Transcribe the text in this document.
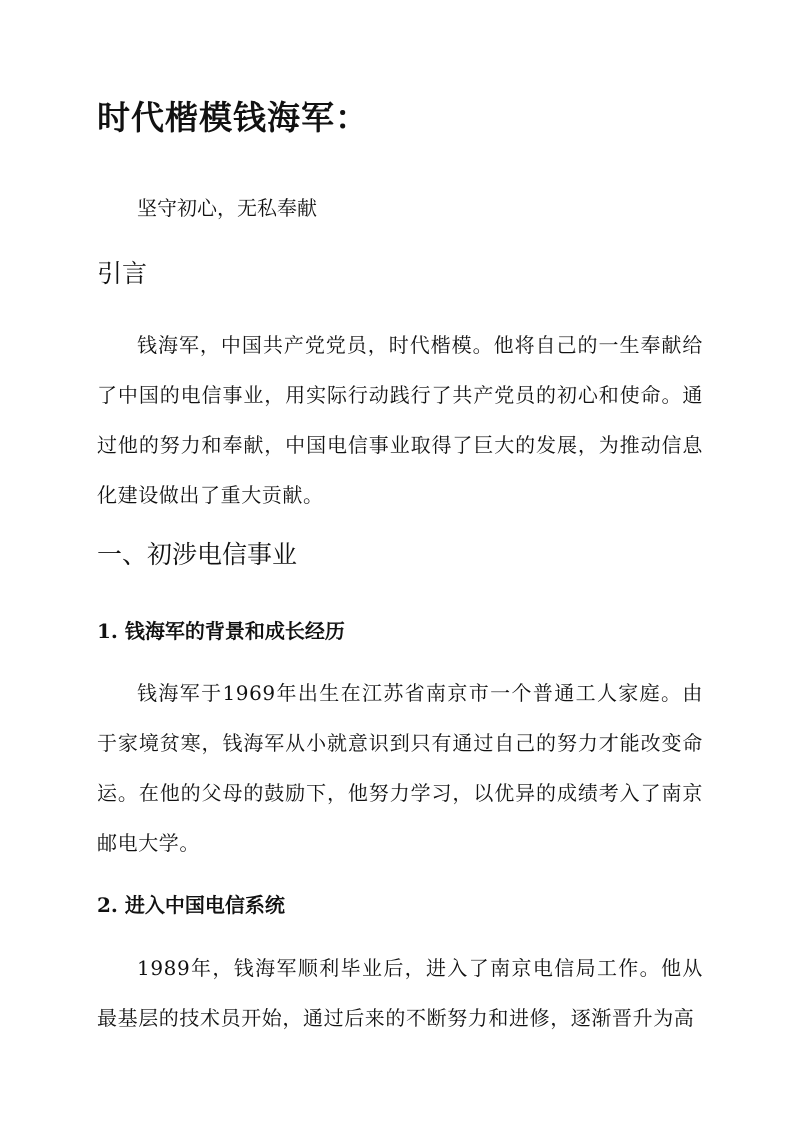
时代楷模钱海军：

坚守初心，无私奉献

引言

钱海军，中国共产党党员，时代楷模。他将自己的一生奉献给了中国的电信事业，用实际行动践行了共产党员的初心和使命。通过他的努力和奉献，中国电信事业取得了巨大的发展，为推动信息化建设做出了重大贡献。

一、初涉电信事业
1. 钱海军的背景和成长经历

钱海军于1969年出生在江苏省南京市一个普通工人家庭。由于家境贫寒，钱海军从小就意识到只有通过自己的努力才能改变命运。在他的父母的鼓励下，他努力学习，以优异的成绩考入了南京邮电大学。

2. 进入中国电信系统

1989年，钱海军顺利毕业后，进入了南京电信局工作。他从最基层的技术员开始，通过后来的不断努力和进修，逐渐晋升为高
